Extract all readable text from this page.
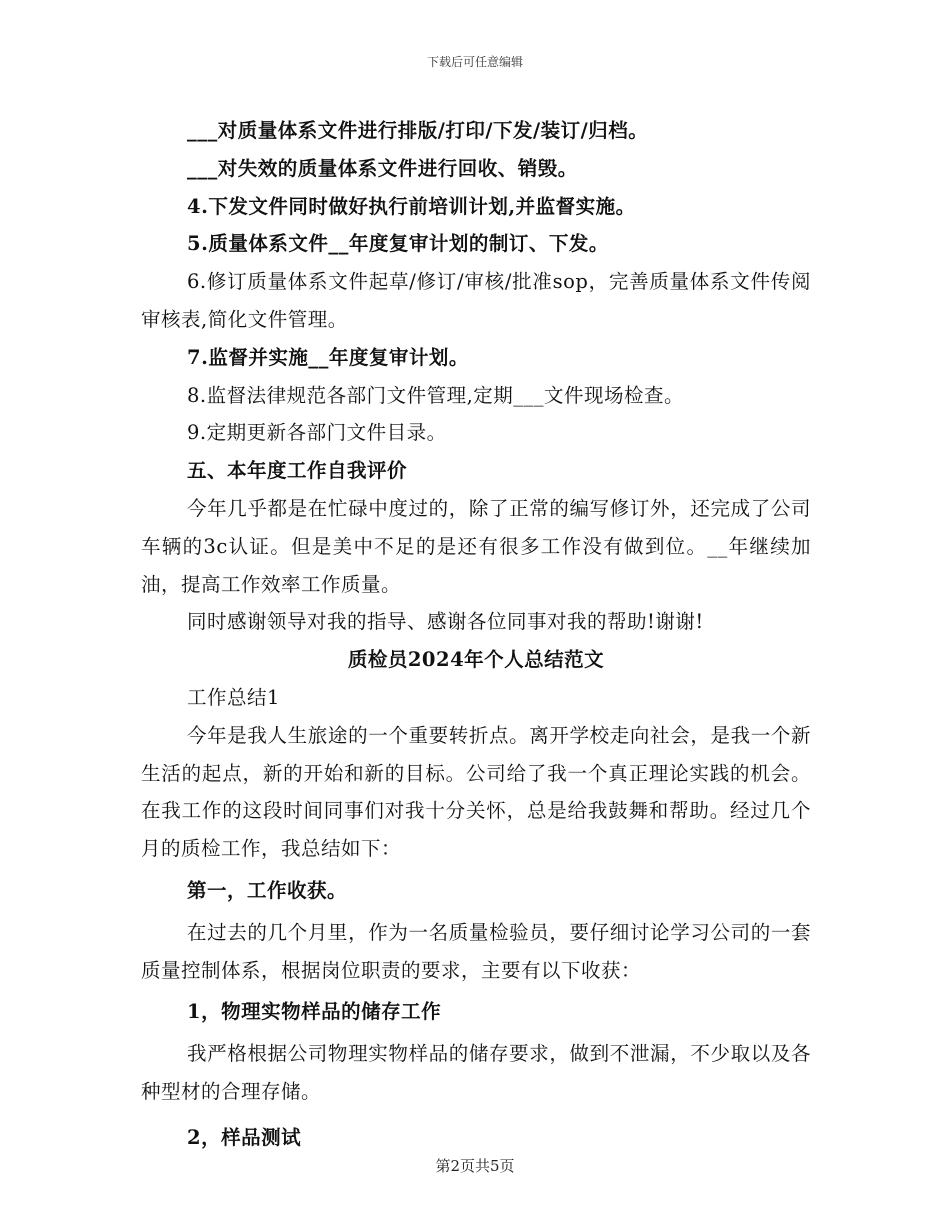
下载后可任意编辑

___对质量体系文件进行排版/打印/下发/装订/归档。

___对失效的质量体系文件进行回收、销毁。

4.下发文件同时做好执行前培训计划,并监督实施。

5.质量体系文件__年度复审计划的制订、下发。

6.修订质量体系文件起草/修订/审核/批准sop，完善质量体系文件传阅审核表,简化文件管理。

7.监督并实施__年度复审计划。

8.监督法律规范各部门文件管理,定期___文件现场检查。

9.定期更新各部门文件目录。

五、本年度工作自我评价

今年几乎都是在忙碌中度过的，除了正常的编写修订外，还完成了公司车辆的3c认证。但是美中不足的是还有很多工作没有做到位。__年继续加油，提高工作效率工作质量。

同时感谢领导对我的指导、感谢各位同事对我的帮助!谢谢!

质检员2024年个人总结范文

工作总结1

今年是我人生旅途的一个重要转折点。离开学校走向社会，是我一个新生活的起点，新的开始和新的目标。公司给了我一个真正理论实践的机会。在我工作的这段时间同事们对我十分关怀，总是给我鼓舞和帮助。经过几个月的质检工作，我总结如下：

第一，工作收获。

在过去的几个月里，作为一名质量检验员，要仔细讨论学习公司的一套质量控制体系，根据岗位职责的要求，主要有以下收获：

1，物理实物样品的储存工作

我严格根据公司物理实物样品的储存要求，做到不泄漏，不少取以及各种型材的合理存储。

2，样品测试

第2页共5页
